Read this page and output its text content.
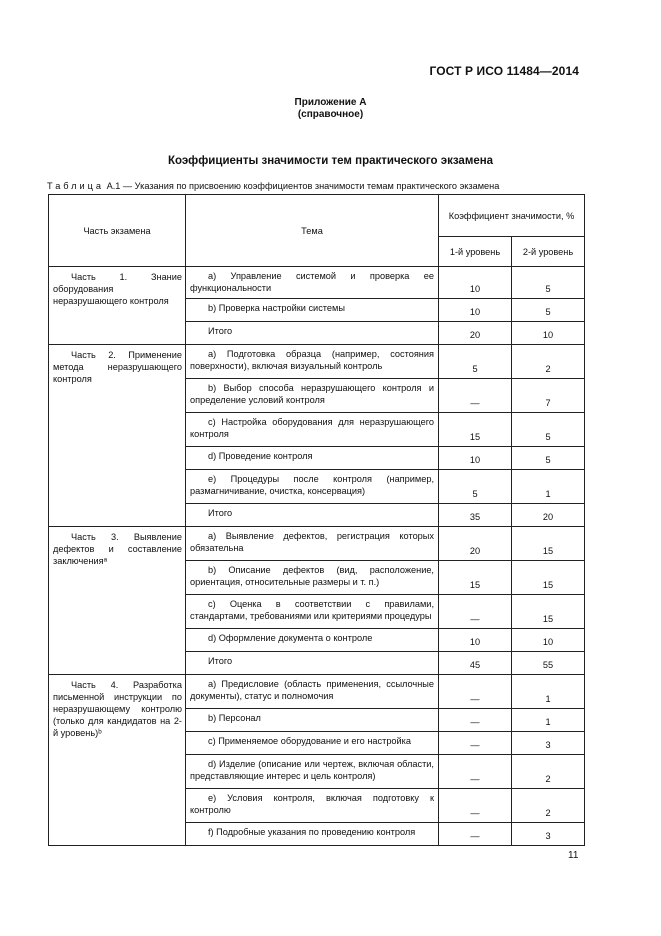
ГОСТ Р ИСО 11484—2014
Приложение А
(справочное)
Коэффициенты значимости тем практического экзамена
Таблица А.1 — Указания по присвоению коэффициентов значимости темам практического экзамена
Часть экзамена	Тема	Коэффициент значимости, %	
		1-й уровень	2-й уровень
Часть 1. Знание оборудования неразрушающего контроля	а) Управление системой и проверка ее функциональности	10	5
	b) Проверка настройки системы	10	5
	Итого	20	10
Часть 2. Применение метода неразрушающего контроля	а) Подготовка образца (например, состояния поверхности), включая визуальный контроль	5	2
	b) Выбор способа неразрушающего контроля и определение условий контроля	—	7
	с) Настройка оборудования для неразрушающего контроля	15	5
	d) Проведение контроля	10	5
	е) Процедуры после контроля (например, размагничивание, очистка, консервация)	5	1
	Итого	35	20
Часть 3. Выявление дефектов и составление заключенияᵃ	а) Выявление дефектов, регистрация которых обязательна	20	15
	b) Описание дефектов (вид, расположение, ориентация, относительные размеры и т. п.)	15	15
	с) Оценка в соответствии с правилами, стандартами, требованиями или критериями процедуры	—	15
	d) Оформление документа о контроле	10	10
	Итого	45	55
Часть 4. Разработка письменной инструкции по неразрушающему контролю (только для кандидатов на 2-й уровень)ᵇ	а) Предисловие (область применения, ссылочные документы), статус и полномочия	—	1
	b) Персонал	—	1
	с) Применяемое оборудование и его настройка	—	3
	d) Изделие (описание или чертеж, включая области, представляющие интерес и цель контроля)	—	2
	е) Условия контроля, включая подготовку к контролю	—	2
	f) Подробные указания по проведению контроля	—	3
11
